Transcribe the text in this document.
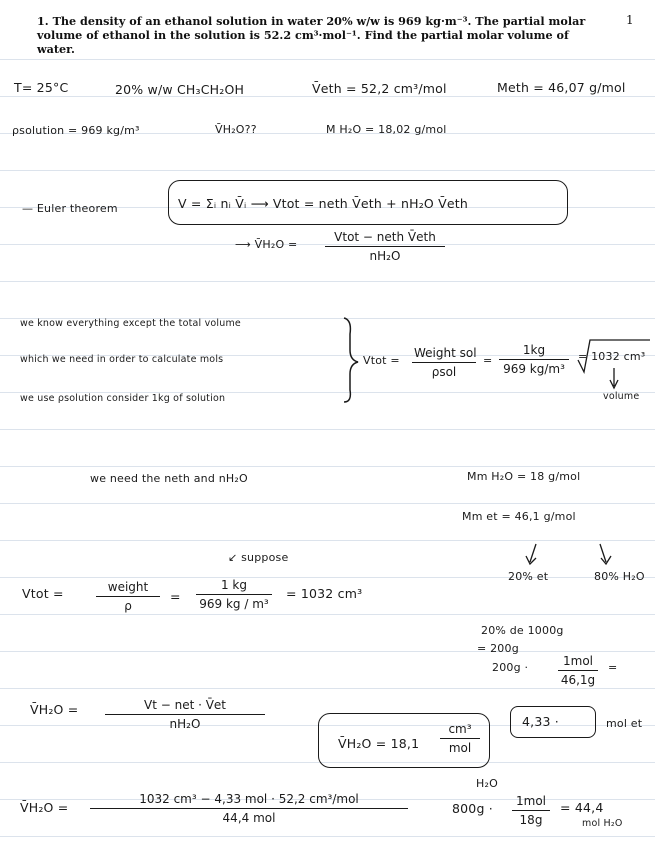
1. The density of an ethanol solution in water 20% w/w is 969 kg·m⁻³. The partial molar volume of ethanol in the solution is 52.2 cm³·mol⁻¹. Find the partial molar volume of water.
1
T= 25°C	20% w/w CH₃CH₂OH	V̄eth = 52,2 cm³/mol	Meth = 46,07 g/mol
ρsolution = 969 kg/m³	V̄H₂O??	M H₂O = 18,02 g/mol
— Euler theorem	V = Σᵢ nᵢ V̄ᵢ ⟶ Vtot = neth V̄eth + nH₂O V̄eth
⟶ V̄H₂O =
Vtot − neth V̄eth
nH₂O
we know everything except the total volume
which we need in order to calculate mols
we use ρsolution consider 1kg of solution
Vtot =
Weight sol
ρsol
= $\frac{1kg}{\text{969 kg/m³}} = 1032$ cm³
volume
we need the neth and nH₂O	Mm H₂O = 18 g/mol
Mm et = 46,1 g/mol
20% et	80% H₂O
↙ suppose
Vtot =	weight
ρ
= $\frac{1 kg}{\text{969 kg / m³}} = 1032$ cm³
20% de 1000g
= 200g
200g ·	1mol
46,1g
=
V̄H₂O =	Vt − net · V̄et
nH₂O
V̄H₂O = 18,1
cm³
mol
4,33 ·	mol et
V̄H₂O =
1032 cm³ − 4,33 mol · 52,2 cm³/mol
44,4 mol
H₂O
800g ·	1mol
18g
= 44,4
mol H₂O
